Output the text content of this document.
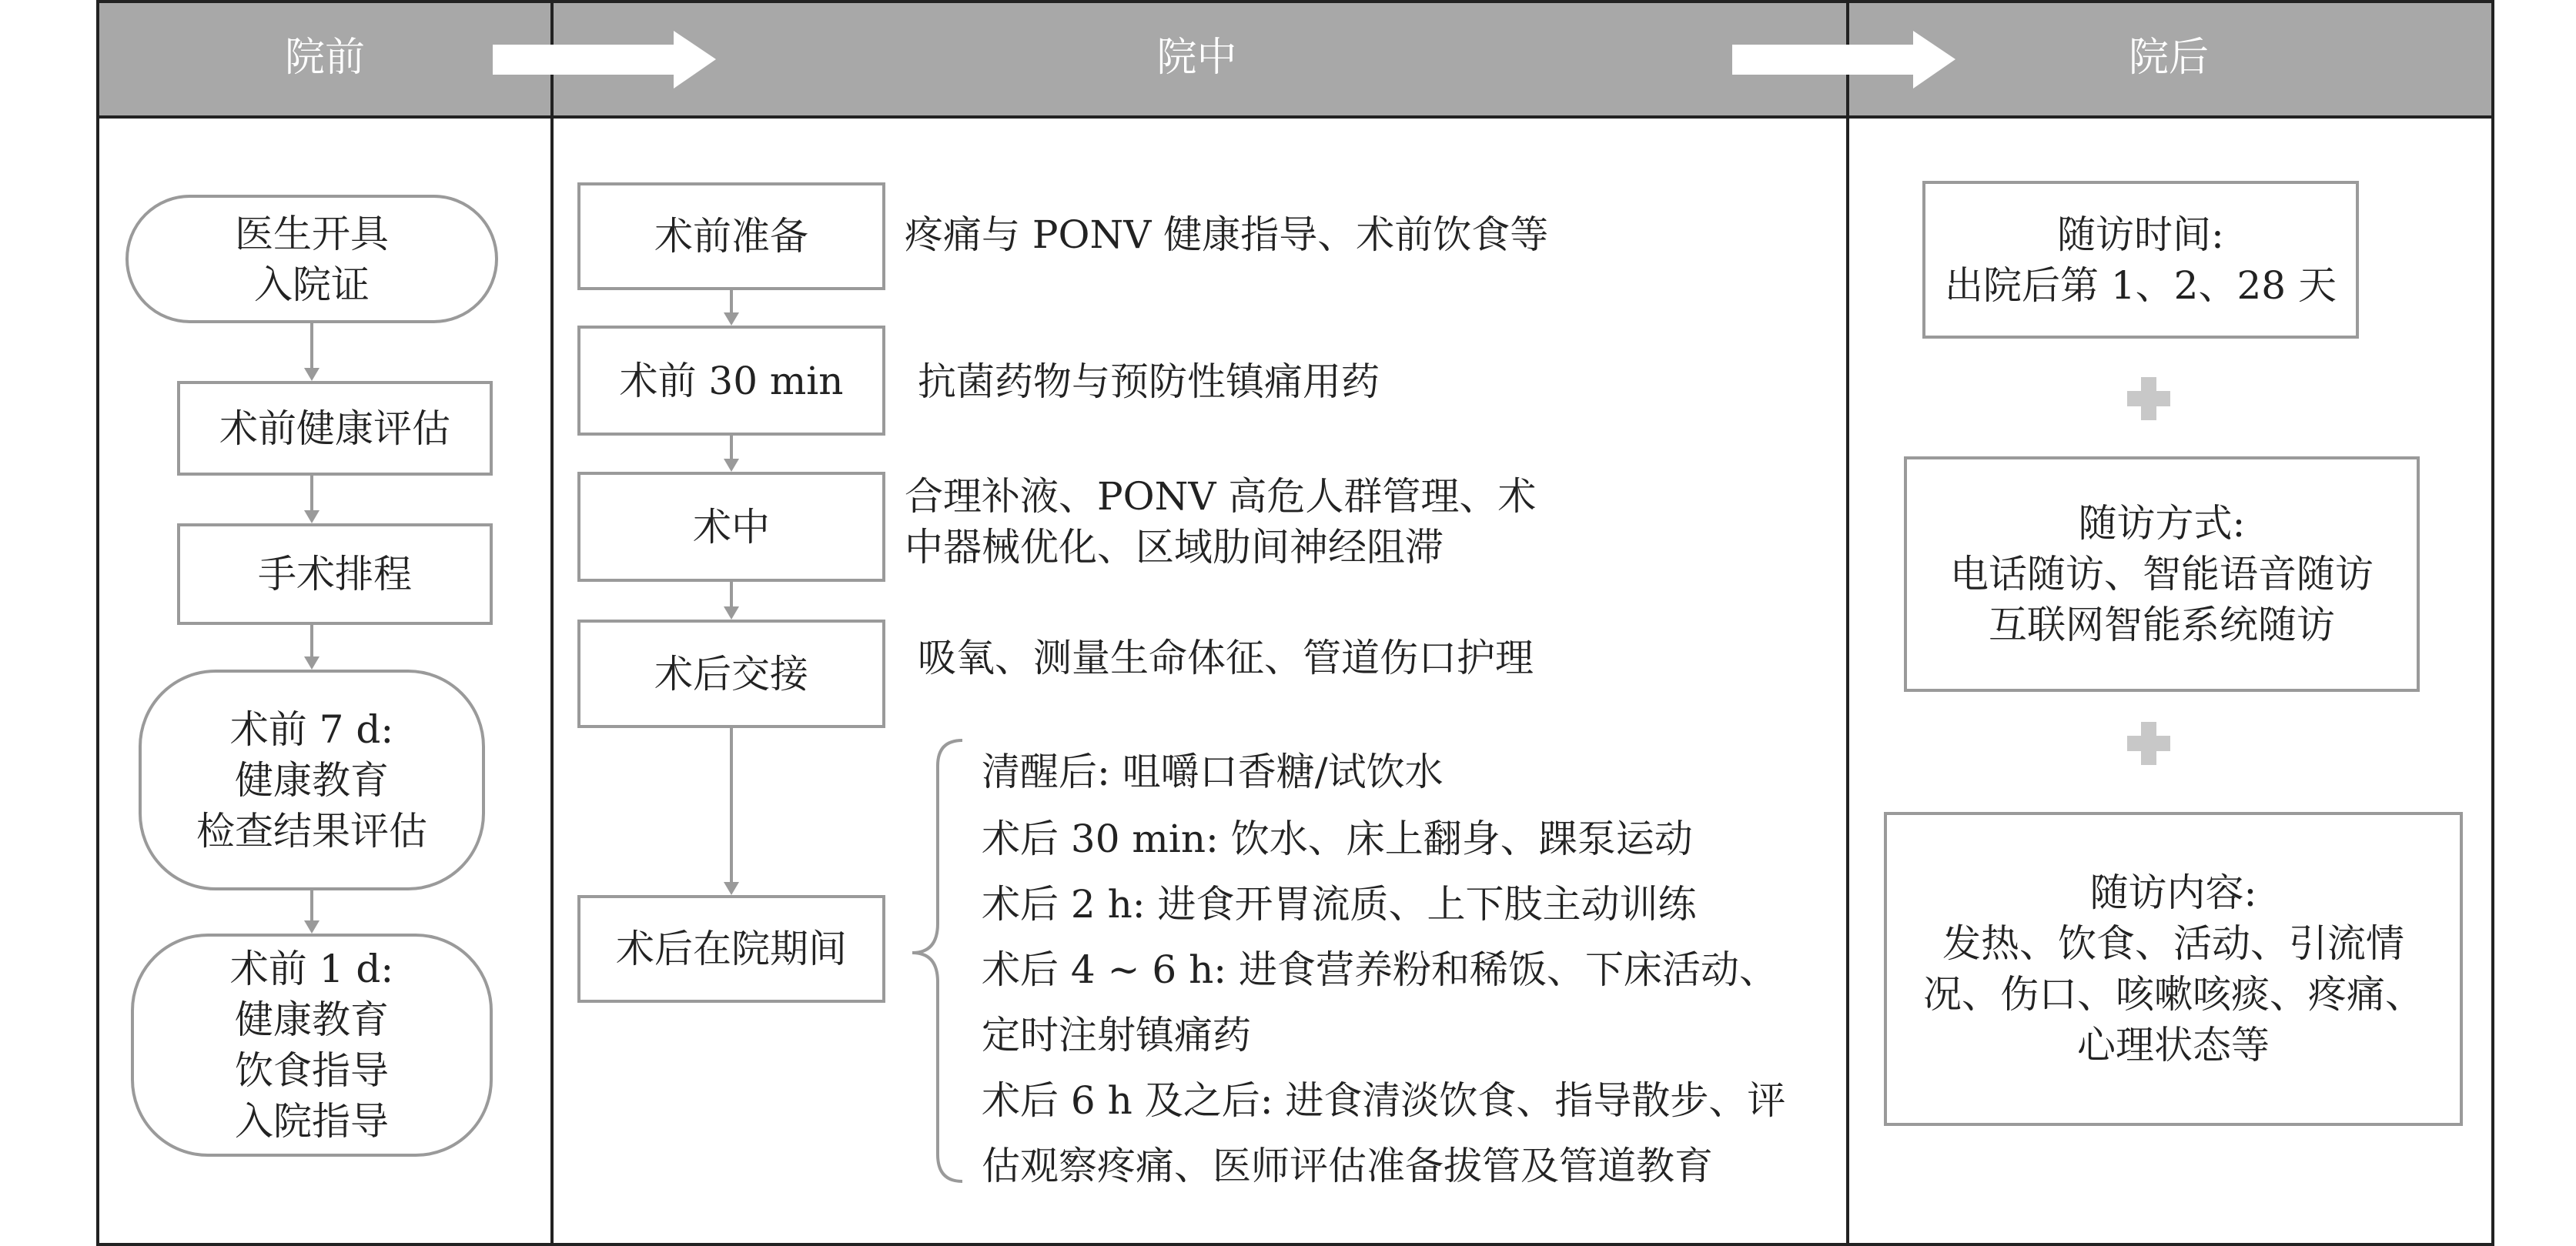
院前	院中	院后
医生开具
入院证
术前健康评估
手术排程
术前 7 d:
健康教育
检查结果评估
术前 1 d:
健康教育
饮食指导
入院指导
术前准备
术前 30 min
术中
术后交接
术后在院期间
疼痛与 PONV 健康指导、术前饮食等
抗菌药物与预防性镇痛用药
合理补液、PONV 高危人群管理、术
中器械优化、区域肋间神经阻滞
吸氧、测量生命体征、管道伤口护理
清醒后: 咀嚼口香糖/试饮水
术后 30 min: 饮水、床上翻身、踝泵运动
术后 2 h: 进食开胃流质、上下肢主动训练
术后 4 ~ 6 h: 进食营养粉和稀饭、下床活动、
定时注射镇痛药
术后 6 h 及之后: 进食清淡饮食、指导散步、评
估观察疼痛、医师评估准备拔管及管道教育
随访时间:
出院后第 1、2、28 天
随访方式:
电话随访、智能语音随访
互联网智能系统随访
随访内容:
发热、饮食、活动、引流情
况、伤口、咳嗽咳痰、疼痛、
心理状态等
